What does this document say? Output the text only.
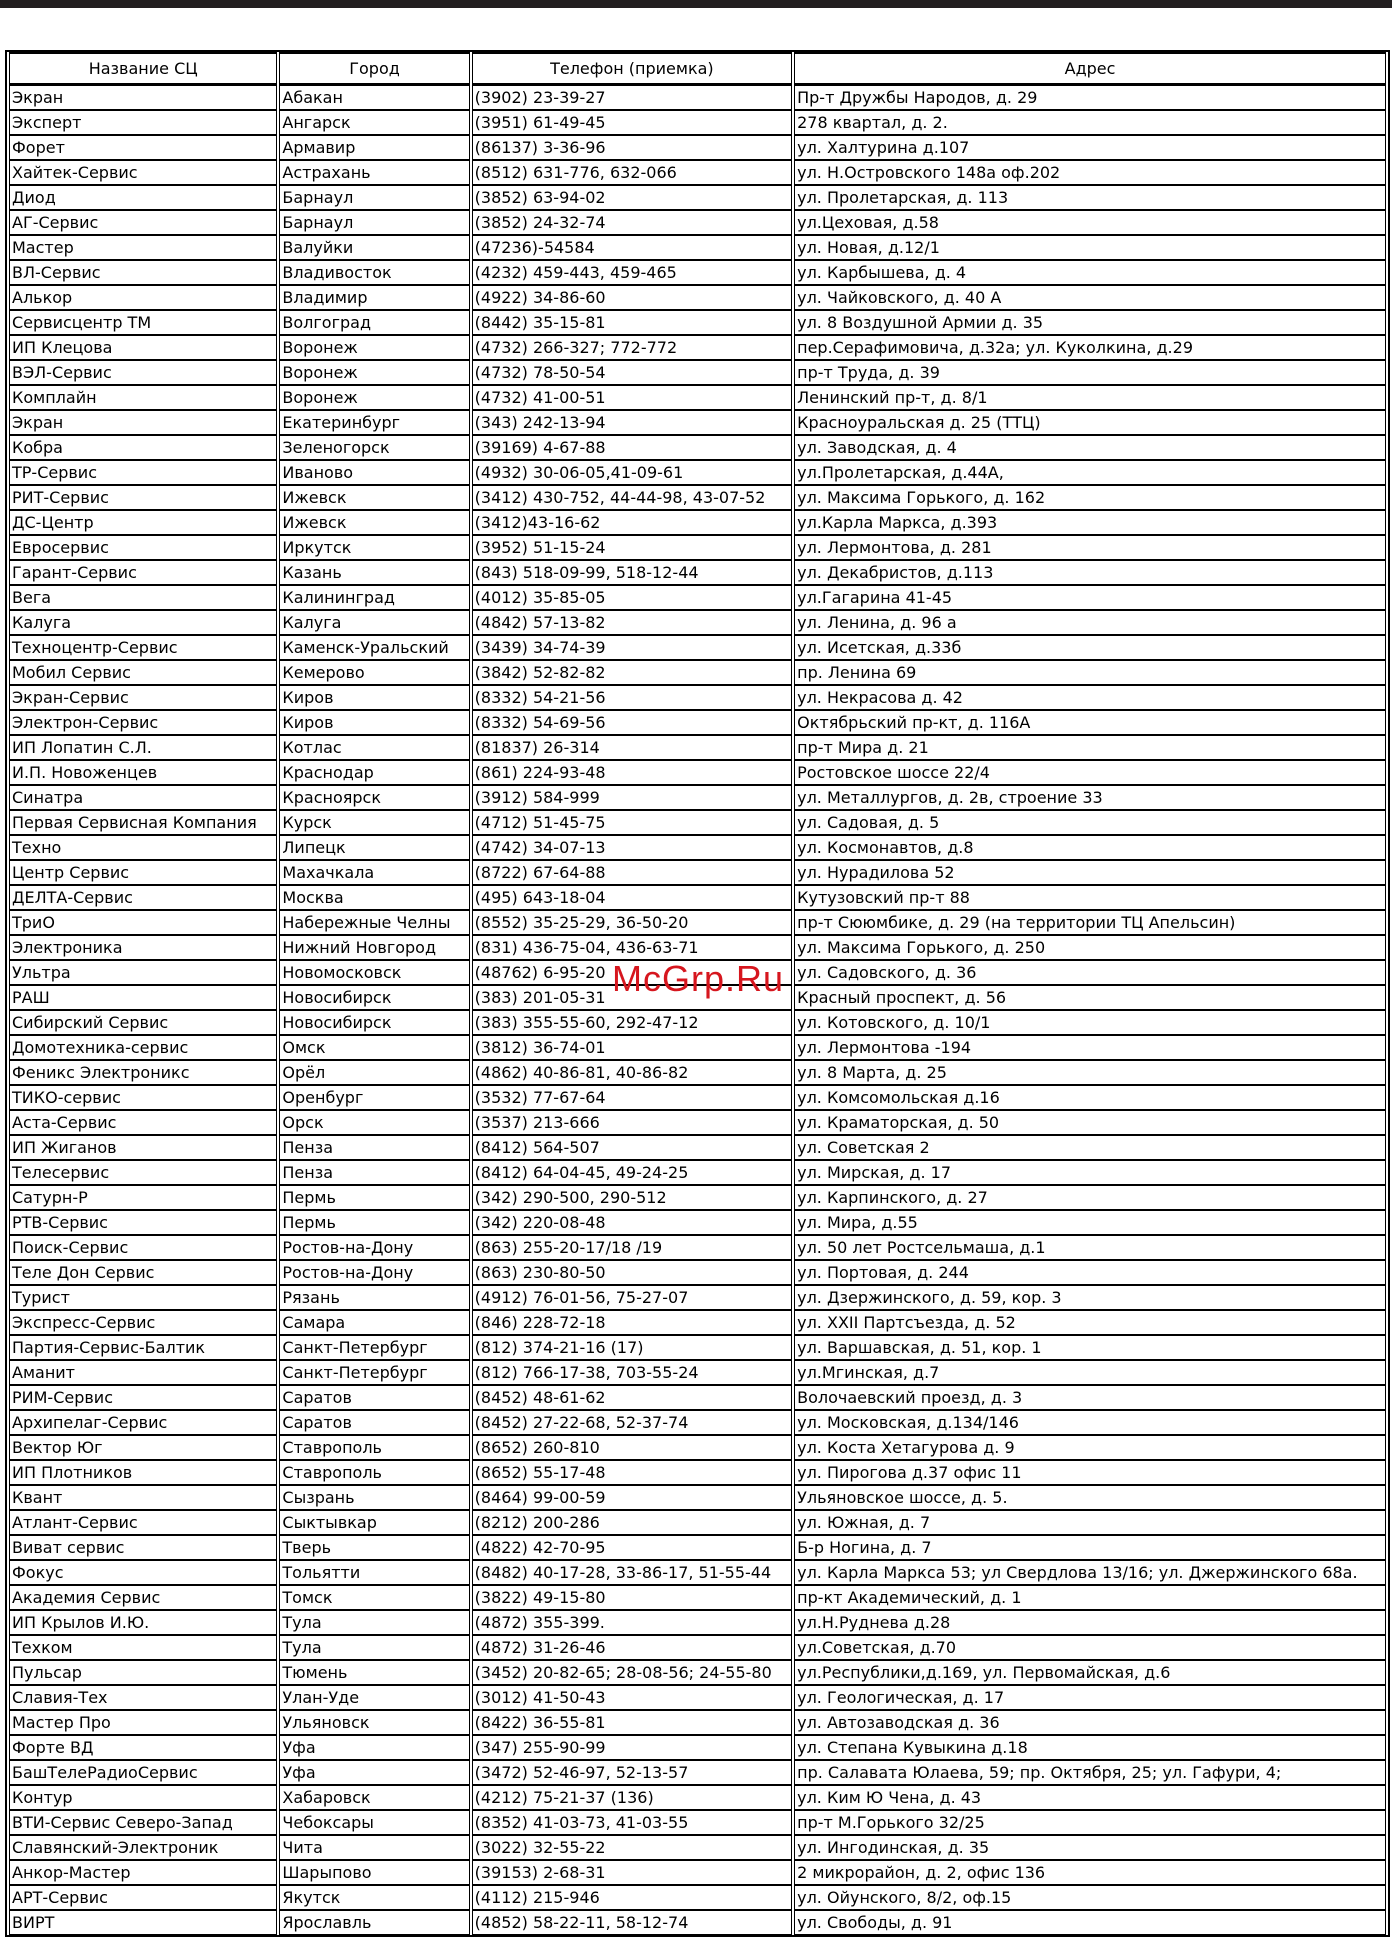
Название СЦ	Город	Телефон (приемка)	Адрес
Экран	Абакан	(3902) 23-39-27	Пр-т Дружбы Народов, д. 29
Эксперт	Ангарск	(3951) 61-49-45	278 квартал, д. 2.
Форет	Армавир	(86137) 3-36-96	ул. Халтурина д.107
Хайтек-Сервис	Астрахань	(8512) 631-776, 632-066	ул. Н.Островского 148а оф.202
Диод	Барнаул	(3852) 63-94-02	ул. Пролетарская, д. 113
АГ-Сервис	Барнаул	(3852) 24-32-74	ул.Цеховая, д.58
Мастер	Валуйки	(47236)-54584	ул. Новая, д.12/1
ВЛ-Сервис	Владивосток	(4232) 459-443, 459-465	ул. Карбышева, д. 4
Алькор	Владимир	(4922) 34-86-60	ул. Чайковского, д. 40 А
Сервисцентр ТМ	Волгоград	(8442) 35-15-81	ул. 8 Воздушной Армии д. 35
ИП Клецова	Воронеж	(4732) 266-327; 772-772	пер.Серафимовича, д.32а; ул. Куколкина, д.29
ВЭЛ-Сервис	Воронеж	(4732) 78-50-54	пр-т Труда, д. 39
Комплайн	Воронеж	(4732) 41-00-51	Ленинский пр-т, д. 8/1
Экран	Екатеринбург	(343) 242-13-94	Красноуральская д. 25 (ТТЦ)
Кобра	Зеленогорск	(39169) 4-67-88	ул. Заводская, д. 4
ТР-Сервис	Иваново	(4932) 30-06-05,41-09-61	ул.Пролетарская, д.44А,
РИТ-Сервис	Ижевск	(3412) 430-752, 44-44-98, 43-07-52	ул. Максима Горького, д. 162
ДС-Центр	Ижевск	(3412)43-16-62	ул.Карла Маркса, д.393
Евросервис	Иркутск	(3952) 51-15-24	ул. Лермонтова, д. 281
Гарант-Сервис	Казань	(843) 518-09-99, 518-12-44	ул. Декабристов, д.113
Вега	Калининград	(4012) 35-85-05	ул.Гагарина 41-45
Калуга	Калуга	(4842) 57-13-82	ул. Ленина, д. 96 а
Техноцентр-Сервис	Каменск-Уральский	(3439) 34-74-39	ул. Исетская, д.33б
Мобил Сервис	Кемерово	(3842) 52-82-82	пр. Ленина 69
Экран-Сервис	Киров	(8332) 54-21-56	ул. Некрасова д. 42
Электрон-Сервис	Киров	(8332) 54-69-56	Октябрьский пр-кт, д. 116А
ИП Лопатин С.Л.	Котлас	(81837) 26-314	пр-т Мира д. 21
И.П. Новоженцев	Краснодар	(861) 224-93-48	Ростовское шоссе 22/4
Синатра	Красноярск	(3912) 584-999	ул. Металлургов, д. 2в, строение 33
Первая Сервисная Компания	Курск	(4712) 51-45-75	ул. Садовая, д. 5
Техно	Липецк	(4742) 34-07-13	ул. Космонавтов, д.8
Центр Сервис	Махачкала	(8722) 67-64-88	ул. Нурадилова 52
ДЕЛТА-Сервис	Москва	(495) 643-18-04	Кутузовский пр-т 88
ТриО	Набережные Челны	(8552) 35-25-29, 36-50-20	пр-т Сююмбике, д. 29 (на территории ТЦ Апельсин)
Электроника	Нижний Новгород	(831) 436-75-04, 436-63-71	ул. Максима Горького, д. 250
Ультра	Новомосковск	(48762) 6-95-20	ул. Садовского, д. 36
РАШ	Новосибирск	(383) 201-05-31	Красный проспект, д. 56
Сибирский Сервис	Новосибирск	(383) 355-55-60, 292-47-12	ул. Котовского, д. 10/1
Домотехника-сервис	Омск	(3812) 36-74-01	ул. Лермонтова -194
Феникс Электроникс	Орёл	(4862) 40-86-81, 40-86-82	ул. 8 Марта, д. 25
ТИКО-сервис	Оренбург	(3532) 77-67-64	ул. Комсомольская д.16
Аста-Сервис	Орск	(3537) 213-666	ул. Краматорская, д. 50
ИП Жиганов	Пенза	(8412) 564-507	ул. Советская 2
Телесервис	Пенза	(8412) 64-04-45, 49-24-25	ул. Мирская, д. 17
Сатурн-Р	Пермь	(342) 290-500, 290-512	ул. Карпинского, д. 27
РТВ-Сервис	Пермь	(342) 220-08-48	ул. Мира, д.55
Поиск-Сервис	Ростов-на-Дону	(863) 255-20-17/18 /19	ул. 50 лет Ростсельмаша, д.1
Теле Дон Сервис	Ростов-на-Дону	(863) 230-80-50	ул. Портовая, д. 244
Турист	Рязань	(4912) 76-01-56, 75-27-07	ул. Дзержинского, д. 59, кор. 3
Экспресс-Сервис	Самара	(846) 228-72-18	ул. XXII Партсъезда, д. 52
Партия-Сервис-Балтик	Санкт-Петербург	(812) 374-21-16 (17)	ул. Варшавская, д. 51, кор. 1
Аманит	Санкт-Петербург	(812) 766-17-38, 703-55-24	ул.Мгинская, д.7
РИМ-Сервис	Саратов	(8452) 48-61-62	Волочаевский проезд, д. 3
Архипелаг-Сервис	Саратов	(8452) 27-22-68, 52-37-74	ул. Московская, д.134/146
Вектор Юг	Ставрополь	(8652) 260-810	ул. Коста Хетагурова д. 9
ИП Плотников	Ставрополь	(8652) 55-17-48	ул. Пирогова д.37 офис 11
Квант	Сызрань	(8464) 99-00-59	Ульяновское шоссе, д. 5.
Атлант-Сервис	Сыктывкар	(8212) 200-286	ул. Южная, д. 7
Виват сервис	Тверь	(4822) 42-70-95	Б-р Ногина, д. 7
Фокус	Тольятти	(8482) 40-17-28, 33-86-17, 51-55-44	ул. Карла Маркса 53; ул Свердлова 13/16; ул. Джержинского 68а.
Академия Сервис	Томск	(3822) 49-15-80	пр-кт Академический, д. 1
ИП Крылов И.Ю.	Тула	(4872) 355-399.	ул.Н.Руднева д.28
Техком	Тула	(4872) 31-26-46	ул.Советская, д.70
Пульсар	Тюмень	(3452) 20-82-65; 28-08-56; 24-55-80	ул.Республики,д.169, ул. Первомайская, д.6
Славия-Тех	Улан-Уде	(3012) 41-50-43	ул. Геологическая, д. 17
Мастер Про	Ульяновск	(8422) 36-55-81	ул. Автозаводская д. 36
Форте ВД	Уфа	(347) 255-90-99	ул. Степана Кувыкина д.18
БашТелеРадиоСервис	Уфа	(3472) 52-46-97, 52-13-57	пр. Салавата Юлаева, 59; пр. Октября, 25; ул. Гафури, 4;
Контур	Хабаровск	(4212) 75-21-37 (136)	ул. Ким Ю Чена, д. 43
ВТИ-Сервис Северо-Запад	Чебоксары	(8352) 41-03-73, 41-03-55	пр-т М.Горького 32/25
Славянский-Электроник	Чита	(3022) 32-55-22	ул. Ингодинская, д. 35
Анкор-Мастер	Шарыпово	(39153) 2-68-31	2 микрорайон, д. 2, офис 136
АРТ-Сервис	Якутск	(4112) 215-946	ул. Ойунского, 8/2, оф.15
ВИРТ	Ярославль	(4852) 58-22-11, 58-12-74	ул. Свободы, д. 91
McGrp.Ru
